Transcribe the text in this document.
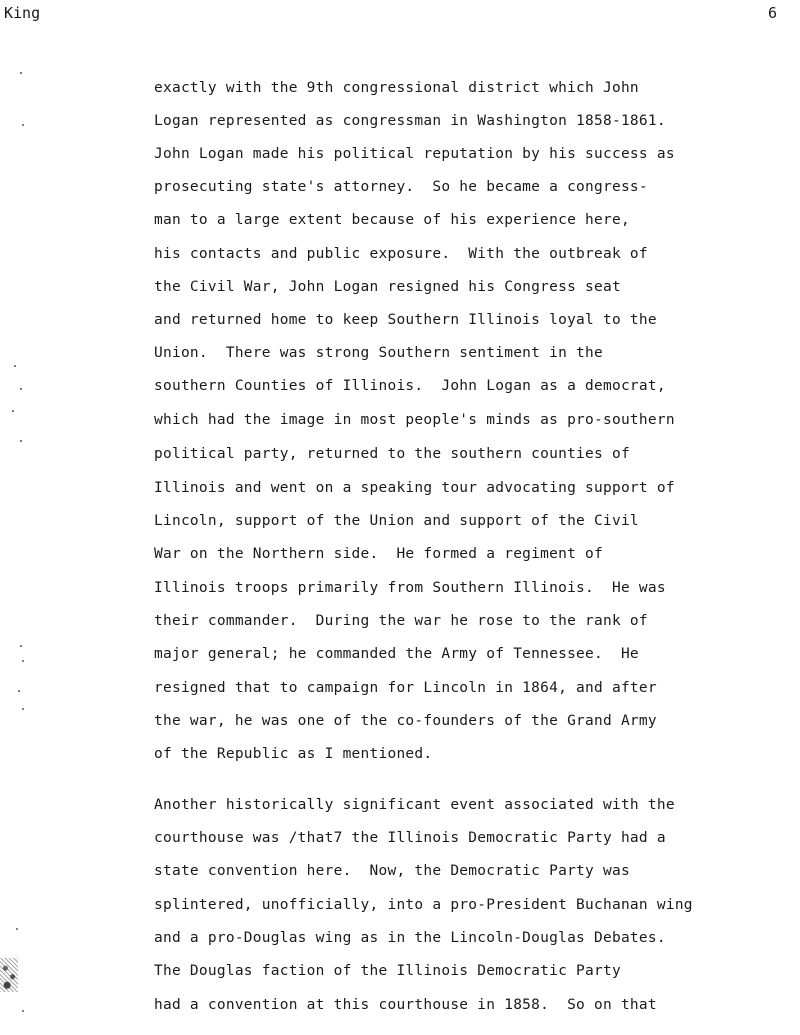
King	6
exactly with the 9th congressional district which John
Logan represented as congressman in Washington 1858-1861.
John Logan made his political reputation by his success as
prosecuting state's attorney.  So he became a congress-
man to a large extent because of his experience here,
his contacts and public exposure.  With the outbreak of
the Civil War, John Logan resigned his Congress seat
and returned home to keep Southern Illinois loyal to the
Union.  There was strong Southern sentiment in the
southern Counties of Illinois.  John Logan as a democrat,
which had the image in most people's minds as pro-southern
political party, returned to the southern counties of
Illinois and went on a speaking tour advocating support of
Lincoln, support of the Union and support of the Civil
War on the Northern side.  He formed a regiment of
Illinois troops primarily from Southern Illinois.  He was
their commander.  During the war he rose to the rank of
major general; he commanded the Army of Tennessee.  He
resigned that to campaign for Lincoln in 1864, and after
the war, he was one of the co-founders of the Grand Army
of the Republic as I mentioned.
Another historically significant event associated with the
courthouse was /that7 the Illinois Democratic Party had a
state convention here.  Now, the Democratic Party was
splintered, unofficially, into a pro-President Buchanan wing
and a pro-Douglas wing as in the Lincoln-Douglas Debates.
The Douglas faction of the Illinois Democratic Party
had a convention at this courthouse in 1858.  So on that
